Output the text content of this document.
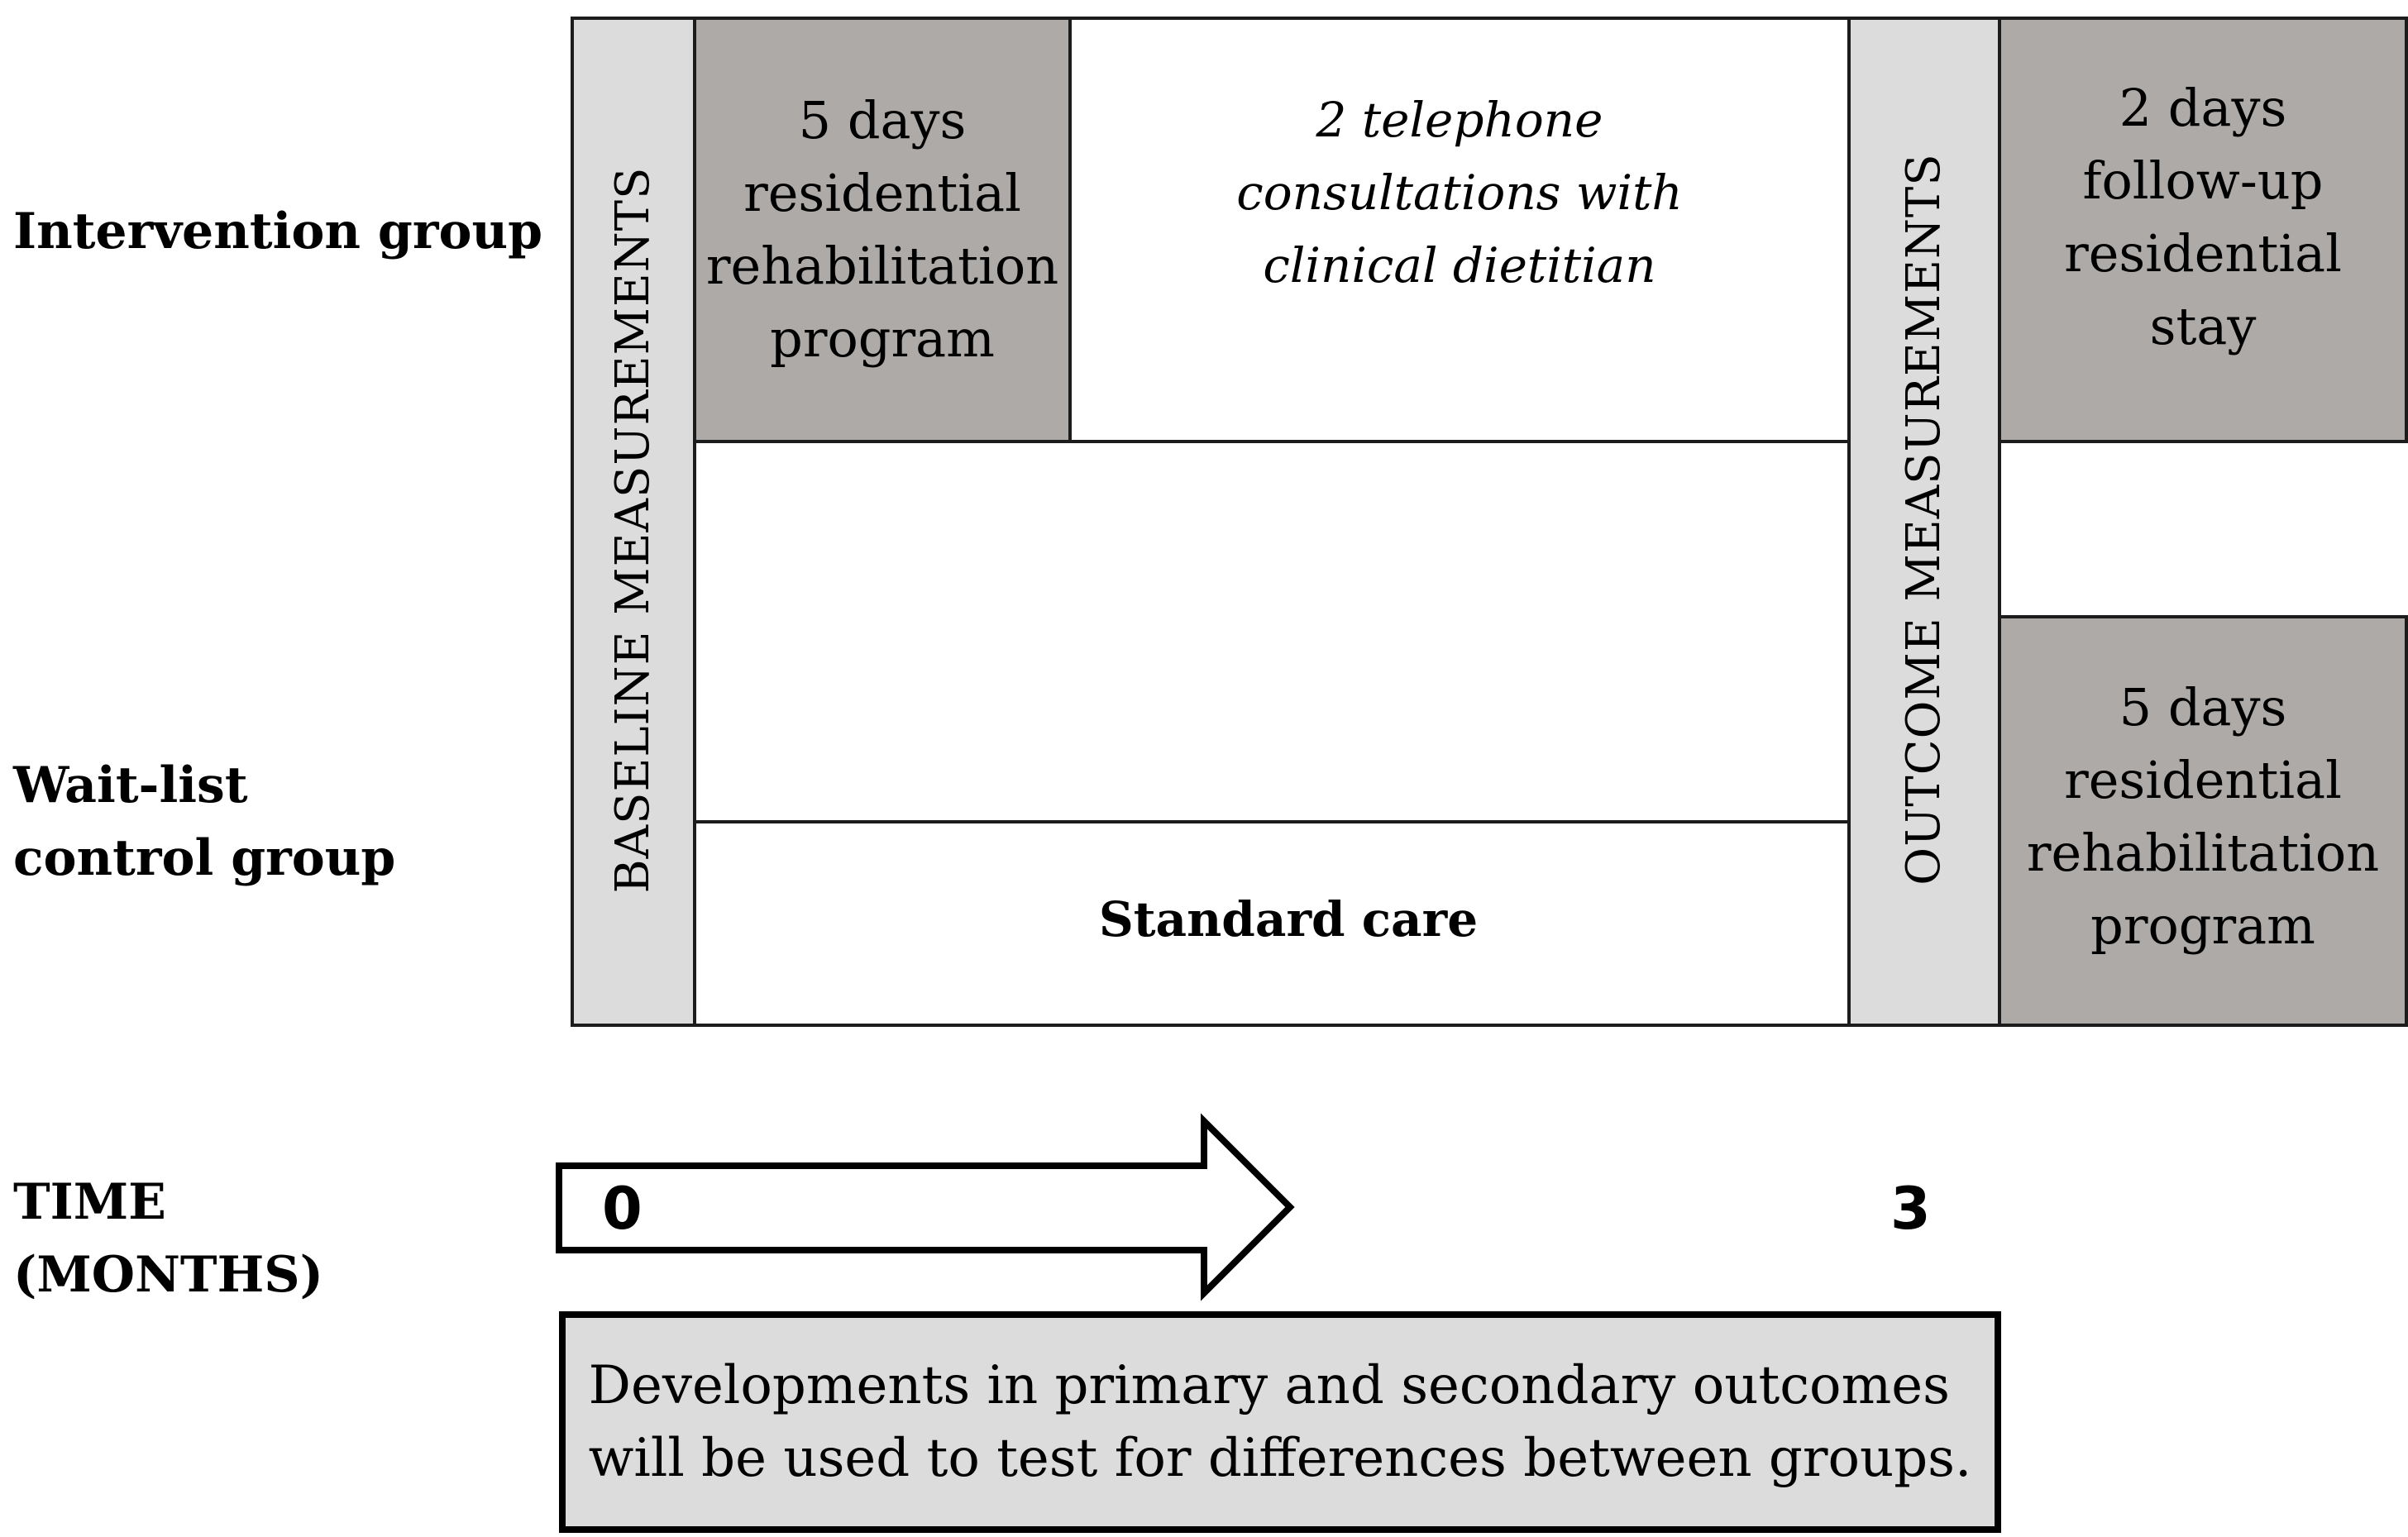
Intervention group
Wait-list
control group
TIME
(MONTHS)
BASELINE MEASUREMENTS
5 days
residential
rehabilitation
program
2 telephone
consultations with
clinical dietitian
Standard care
OUTCOME MEASUREMENTS
2 days
follow-up
residential
stay
5 days
residential
rehabilitation
program
0	3
Developments in primary and secondary outcomes
will be used to test for differences between groups.
